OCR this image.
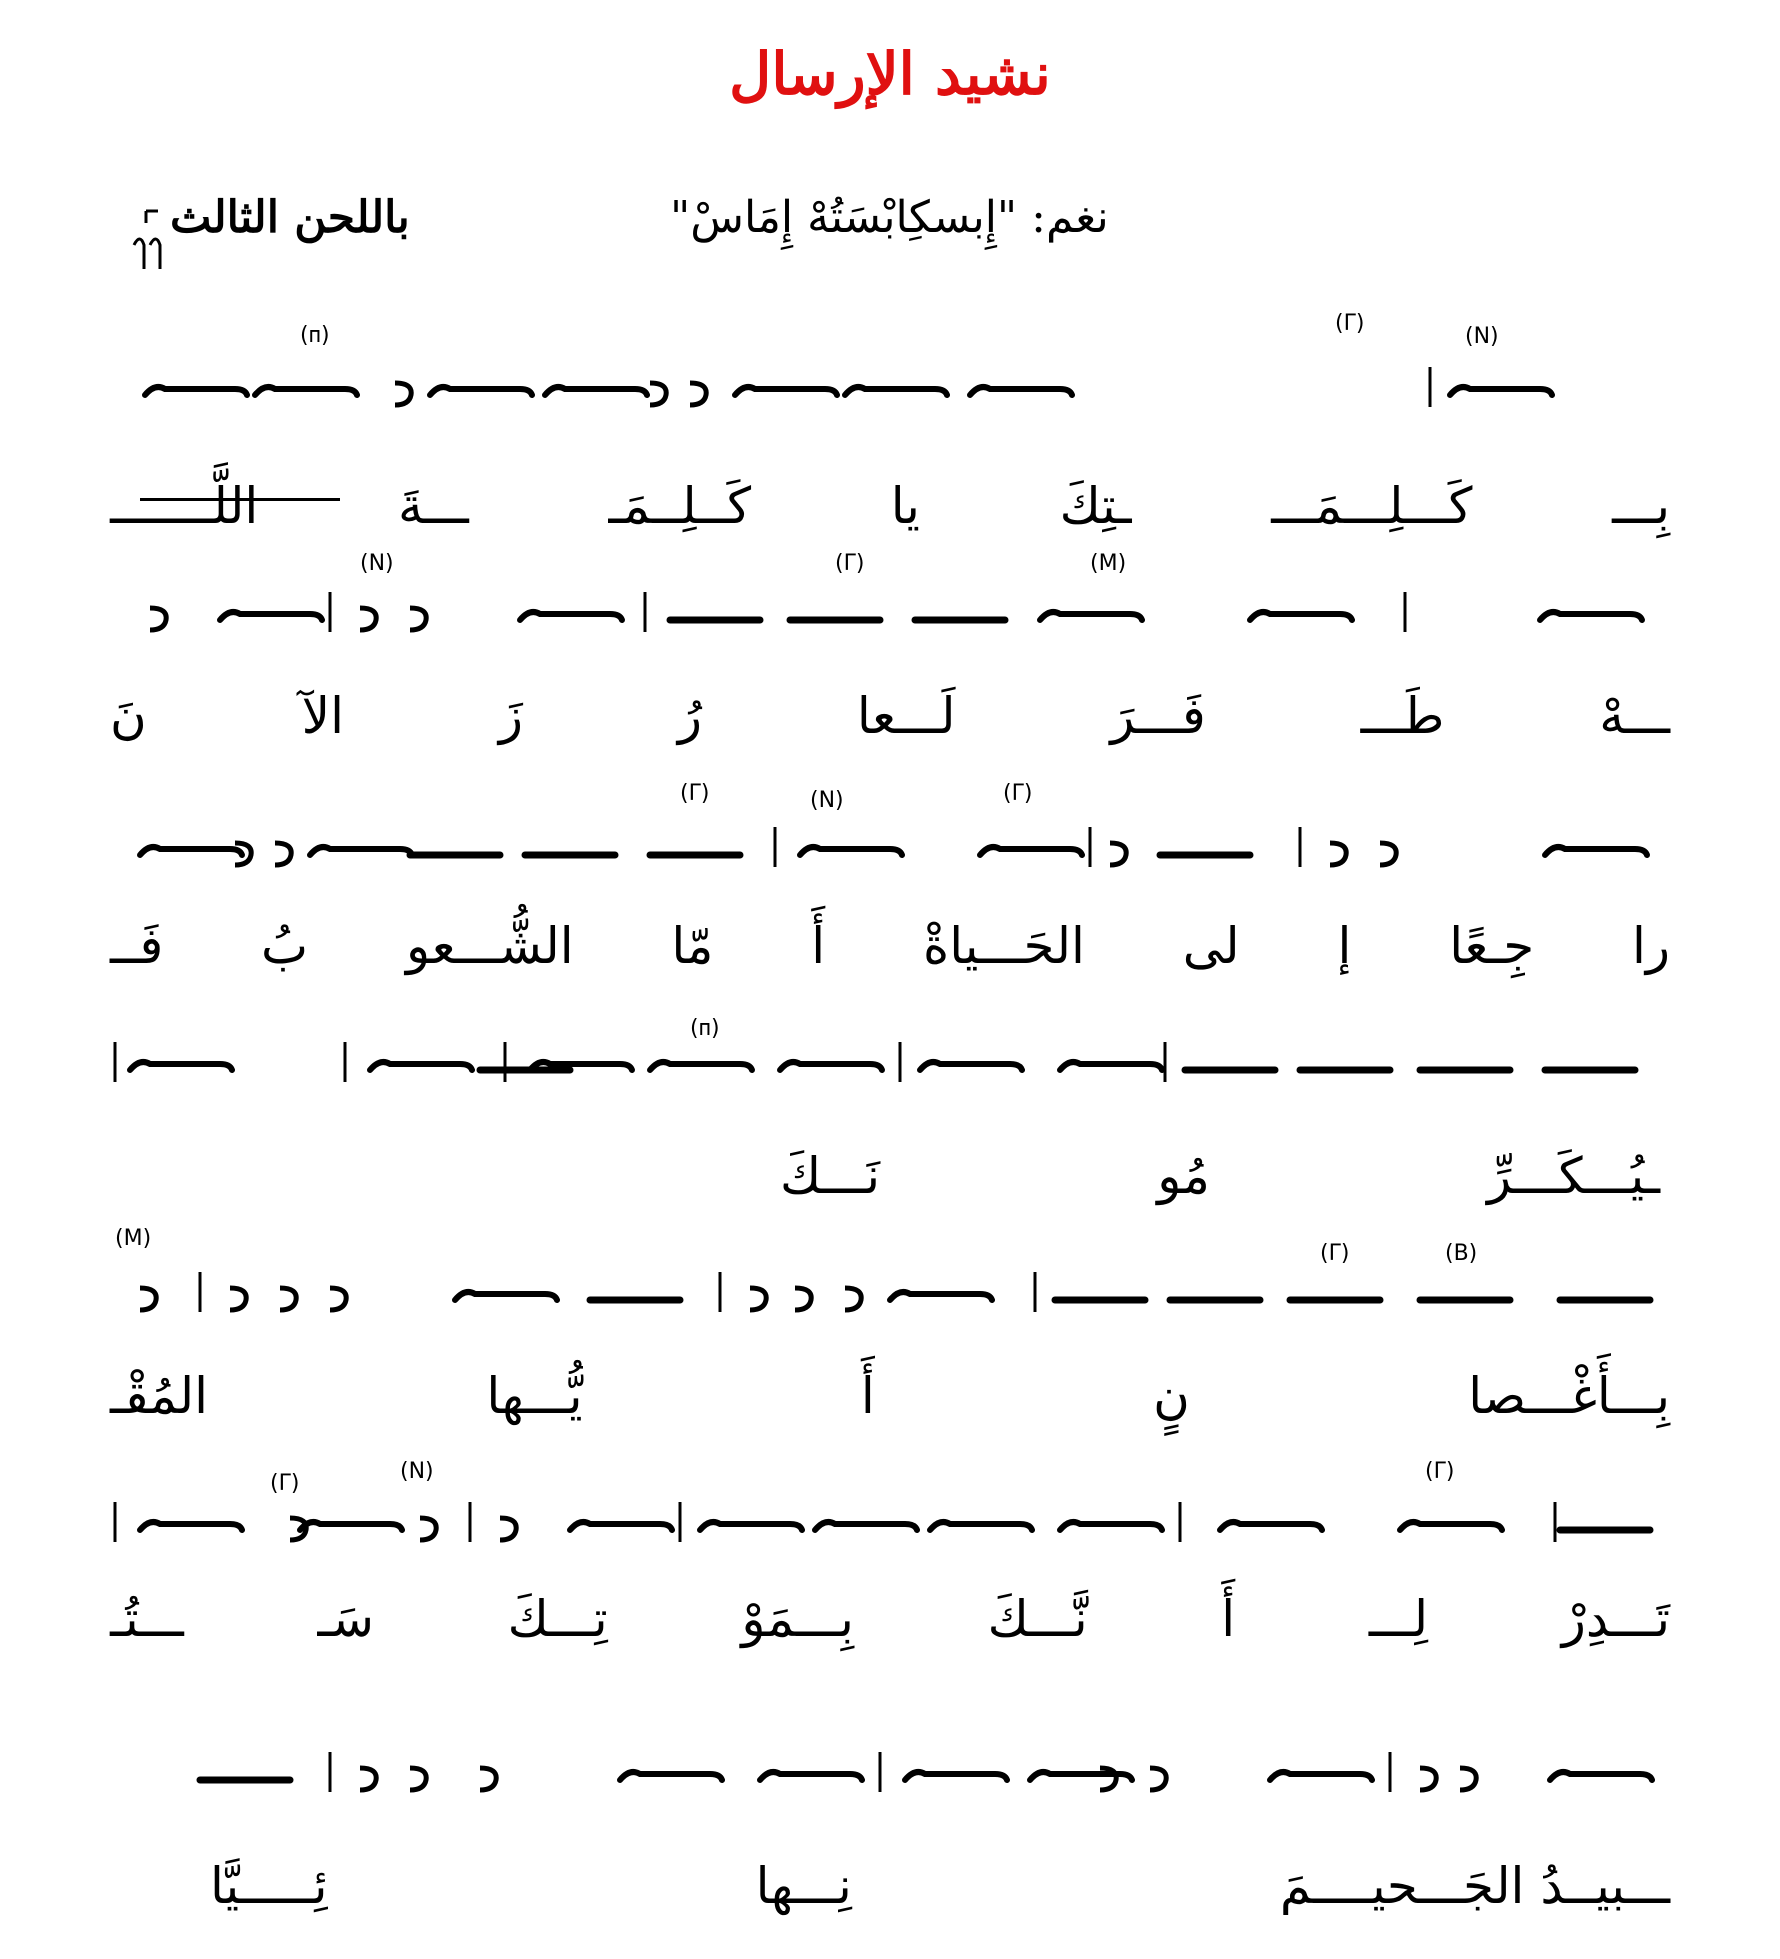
نشيد الإرسال
باللحن الثالث	نغم: "إِبسكِابْسَتُهْ إِمَاسْ"
(ᴨ)	(Γ)
(N)
(N)	(Γ)	(M)
(Γ)	(N)	(Γ)
(ᴨ)
(M)
(Γ)	(B)
(Γ)	(N)	(Γ)
بِـــ
كَـــلِـــمَـــ
ـتِكَ
يا
كَــلِــمَـ
ـــةَ
اللَّـــــــ
ـــهْ
طَـــ
فَـــرَ
لَـــعا
رُ
زَ
الآ
نَ
را
جِـعًا
إ
لى
الحَـــياةْ
أَ
مّا
الشُّـــعو
بُ
فَــ
ـيُـــكَـــرِّ
مُو
نَـــكَ
بِـــأَغْـــصا
نٍ
أَ
يُّـــها
المُقْـ
تَـــدِرْ
لِـــ
أَ
نَّـــكَ
بِـــمَوْ
تِـــكَ
سَـ
ـــتُـ
ـــبيــدُ الجَـــحيــــمَ
نِـــها
ئِـــــيَّا
